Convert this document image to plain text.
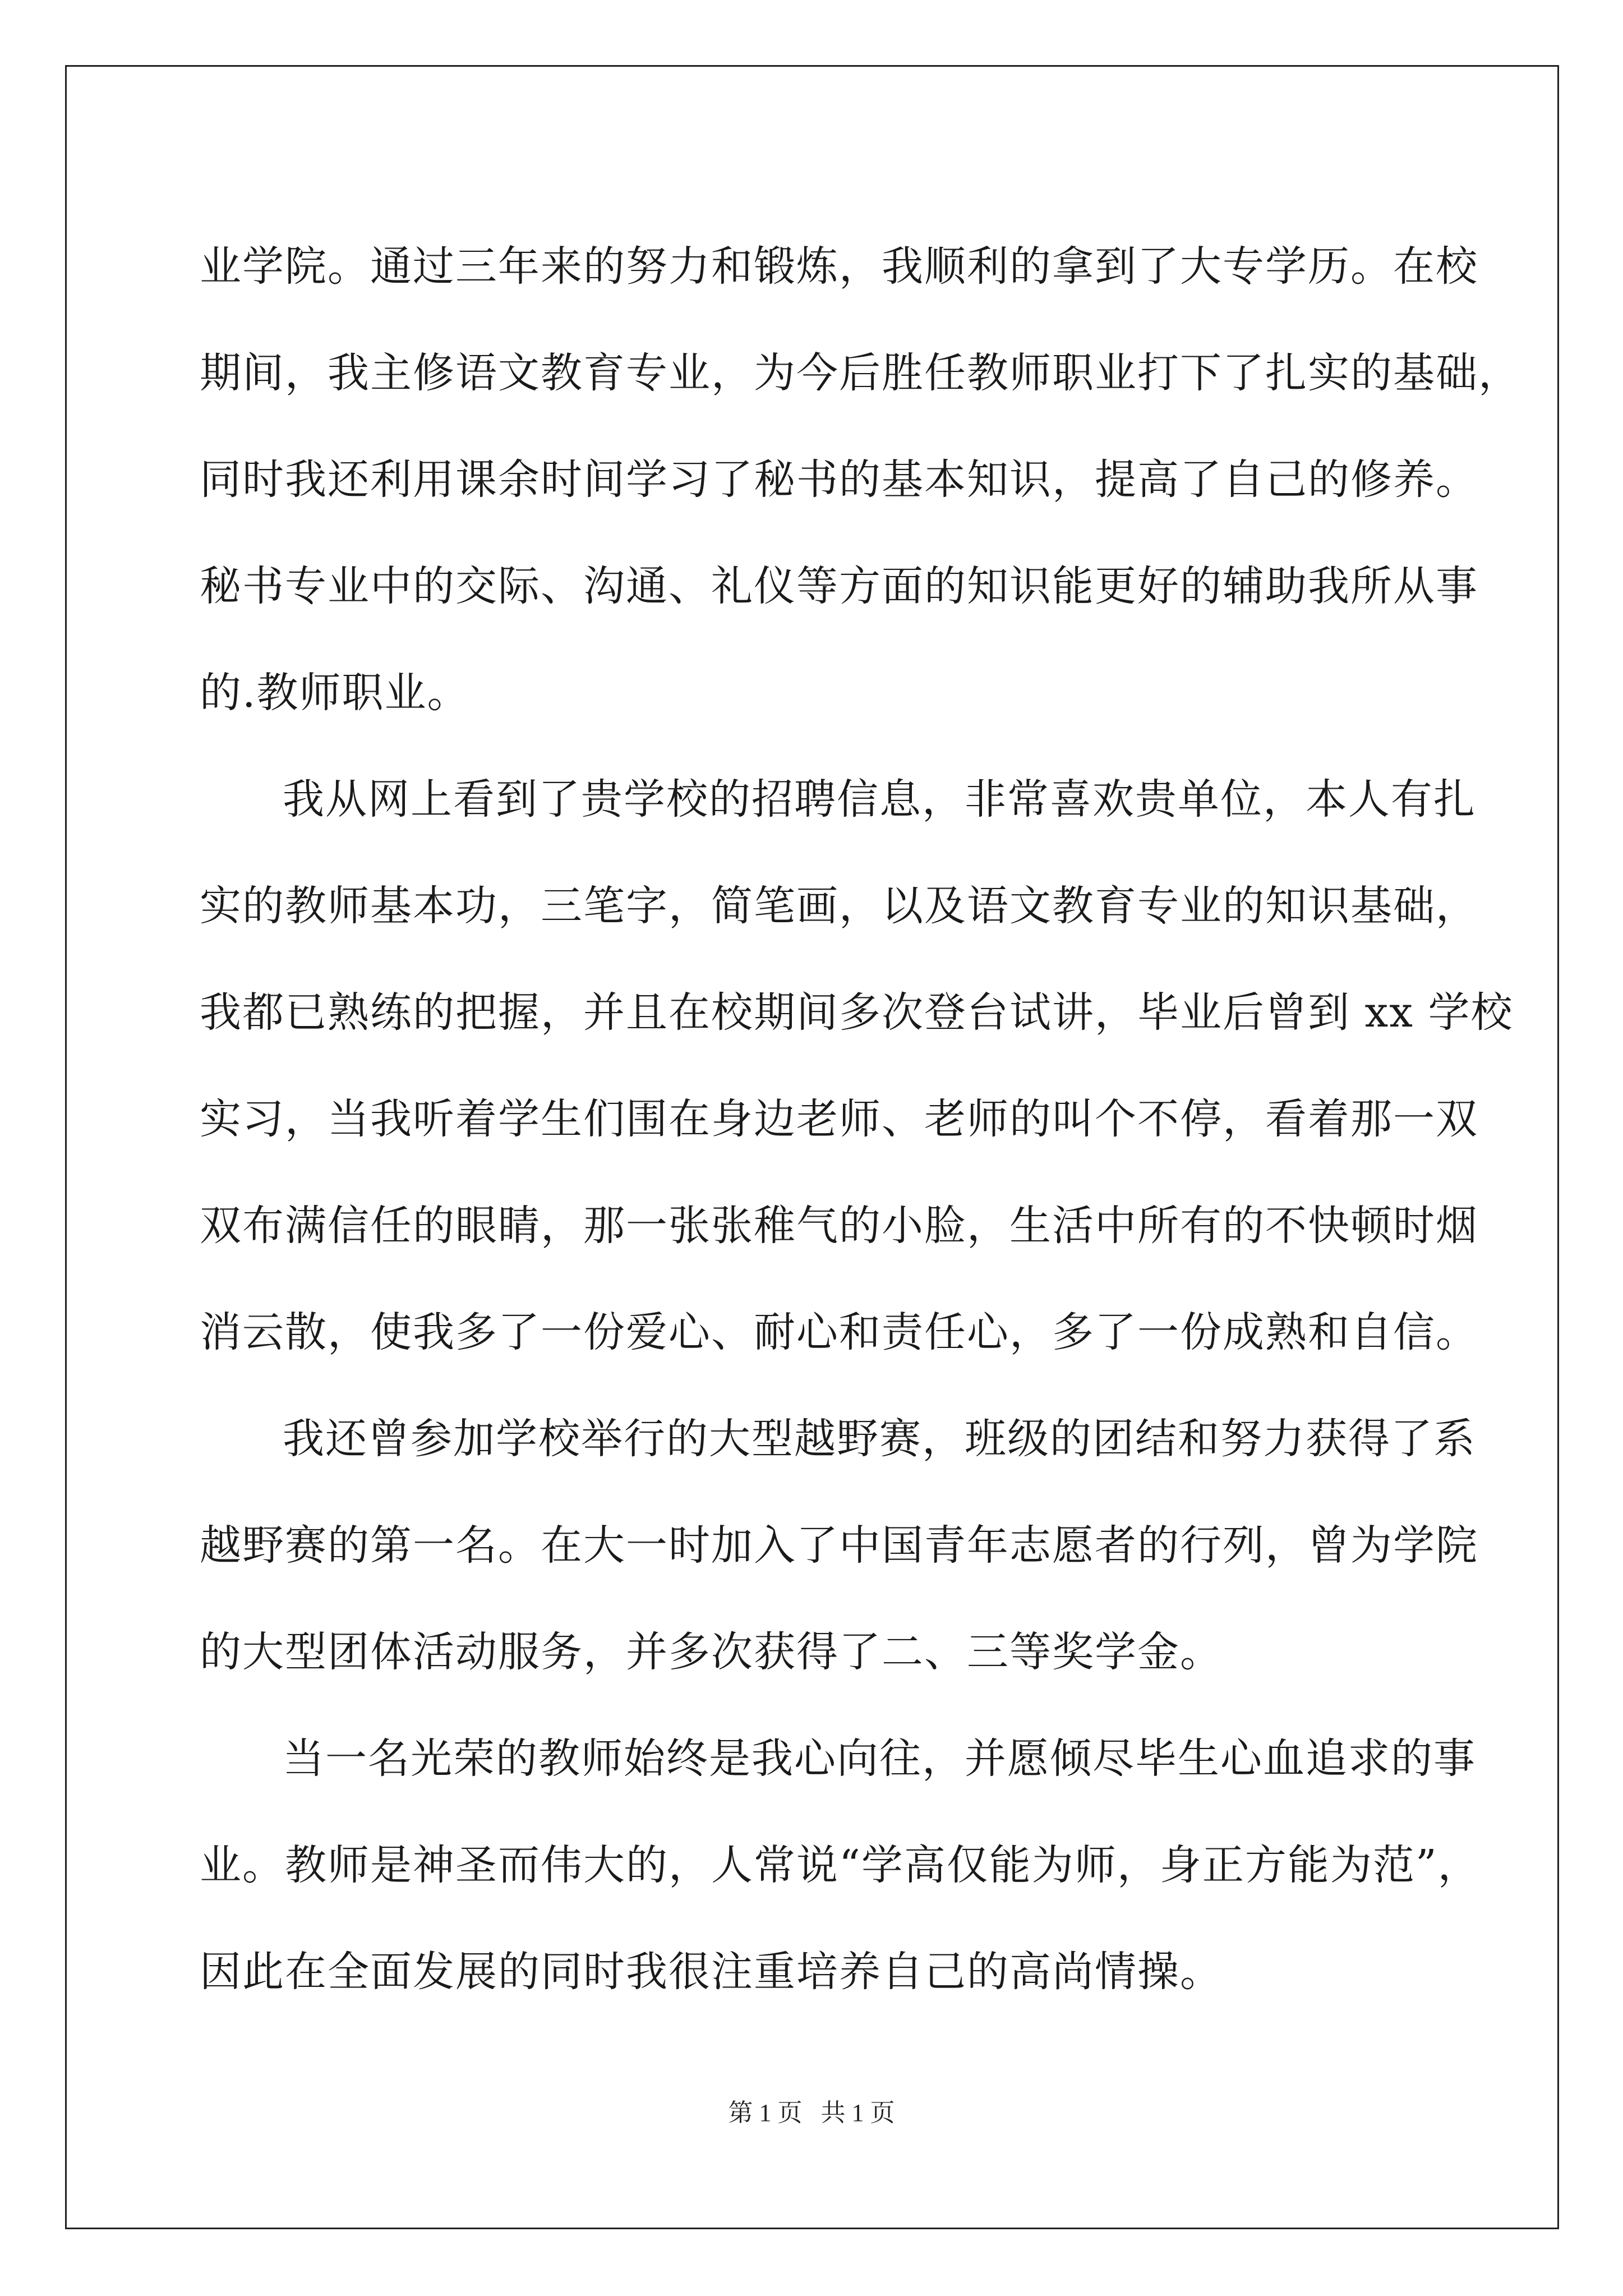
业学院。通过三年来的努力和锻炼，我顺利的拿到了大专学历。在校
期间，我主修语文教育专业，为今后胜任教师职业打下了扎实的基础，
同时我还利用课余时间学习了秘书的基本知识，提高了自己的修养。
秘书专业中的交际、沟通、礼仪等方面的知识能更好的辅助我所从事
的.教师职业。
我从网上看到了贵学校的招聘信息，非常喜欢贵单位，本人有扎
实的教师基本功，三笔字，简笔画，以及语文教育专业的知识基础，
我都已熟练的把握，并且在校期间多次登台试讲，毕业后曾到 xx 学校
实习，当我听着学生们围在身边老师、老师的叫个不停，看着那一双
双布满信任的眼睛，那一张张稚气的小脸，生活中所有的不快顿时烟
消云散，使我多了一份爱心、耐心和责任心，多了一份成熟和自信。
我还曾参加学校举行的大型越野赛，班级的团结和努力获得了系
越野赛的第一名。在大一时加入了中国青年志愿者的行列，曾为学院
的大型团体活动服务，并多次获得了二、三等奖学金。
当一名光荣的教师始终是我心向往，并愿倾尽毕生心血追求的事
业。教师是神圣而伟大的，人常说“学高仅能为师，身正方能为范”，
因此在全面发展的同时我很注重培养自己的高尚情操。
第 1 页   共 1 页
